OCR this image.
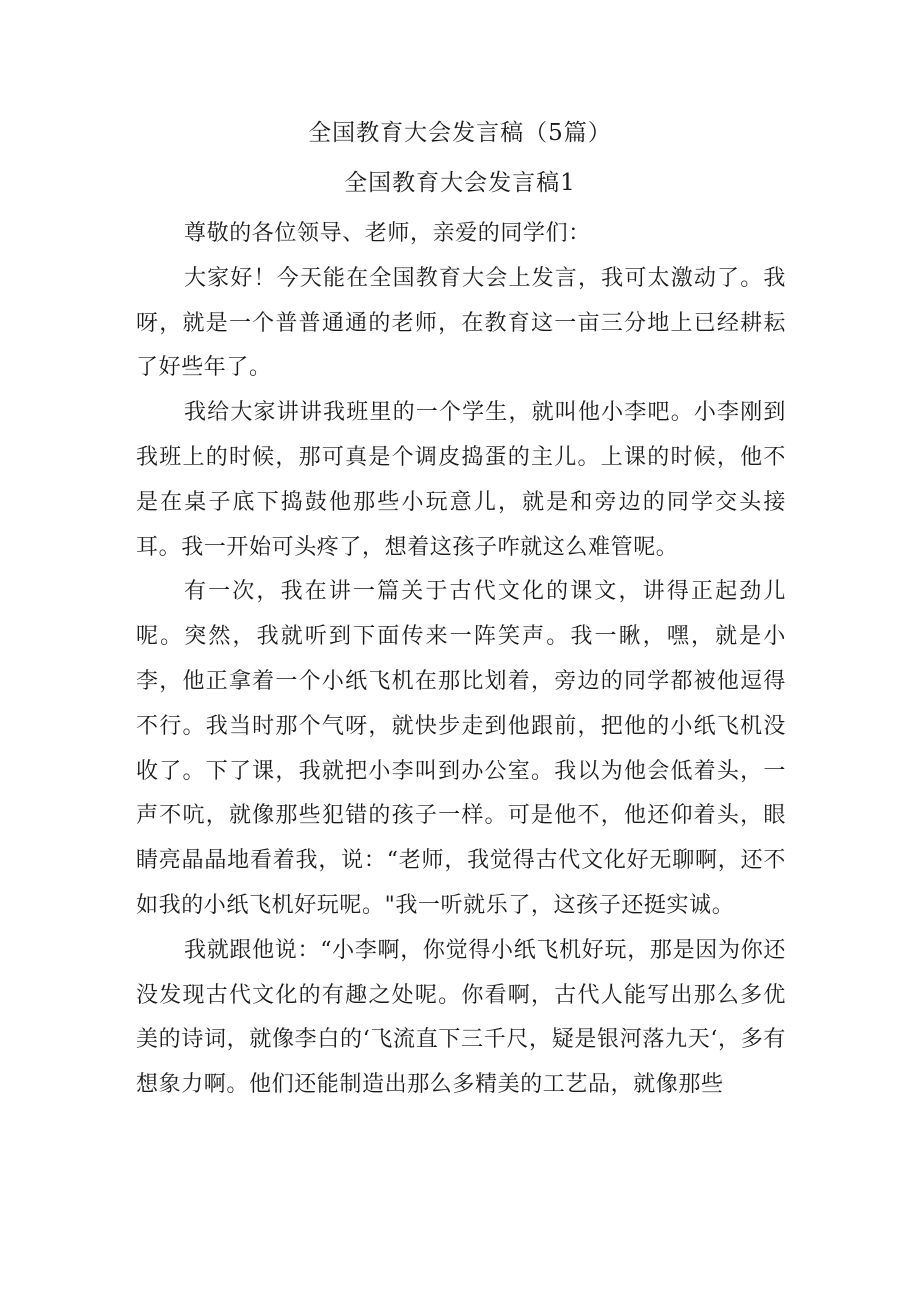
全国教育大会发言稿（5篇）
全国教育大会发言稿1

尊敬的各位领导、老师，亲爱的同学们：

大家好！今天能在全国教育大会上发言，我可太激动了。我呀，就是一个普普通通的老师，在教育这一亩三分地上已经耕耘了好些年了。

我给大家讲讲我班里的一个学生，就叫他小李吧。小李刚到我班上的时候，那可真是个调皮捣蛋的主儿。上课的时候，他不是在桌子底下捣鼓他那些小玩意儿，就是和旁边的同学交头接耳。我一开始可头疼了，想着这孩子咋就这么难管呢。

有一次，我在讲一篇关于古代文化的课文，讲得正起劲儿呢。突然，我就听到下面传来一阵笑声。我一瞅，嘿，就是小李，他正拿着一个小纸飞机在那比划着，旁边的同学都被他逗得不行。我当时那个气呀，就快步走到他跟前，把他的小纸飞机没收了。下了课，我就把小李叫到办公室。我以为他会低着头，一声不吭，就像那些犯错的孩子一样。可是他不，他还仰着头，眼睛亮晶晶地看着我，说：“老师，我觉得古代文化好无聊啊，还不如我的小纸飞机好玩呢。"我一听就乐了，这孩子还挺实诚。

我就跟他说：“小李啊，你觉得小纸飞机好玩，那是因为你还没发现古代文化的有趣之处呢。你看啊，古代人能写出那么多优美的诗词，就像李白的‘飞流直下三千尺，疑是银河落九天‘，多有想象力啊。他们还能制造出那么多精美的工艺品，就像那些
